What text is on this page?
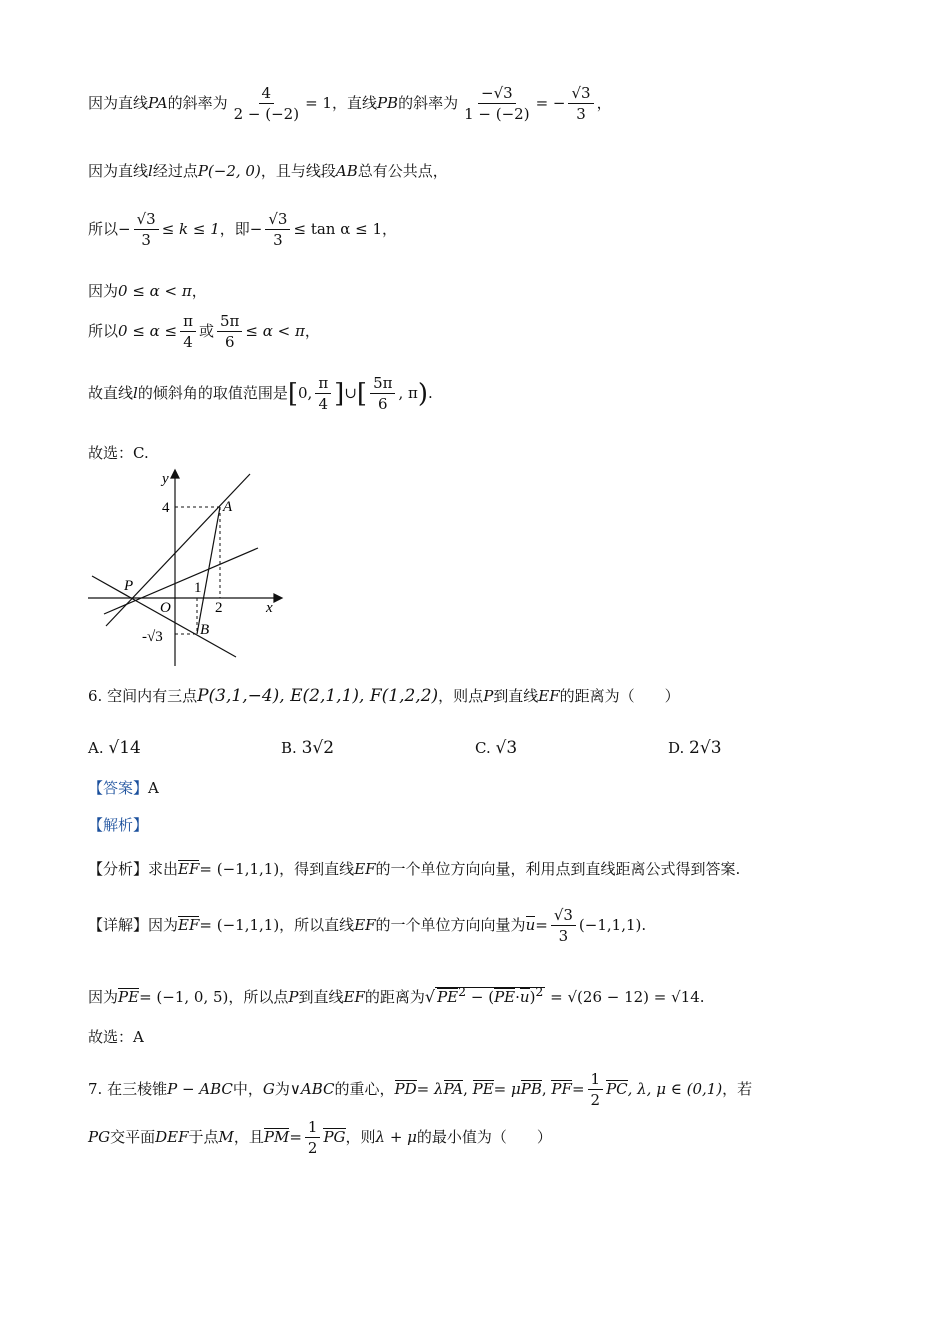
因为直线PA的斜率为 $\frac{4}{2 - (-2)} = 1$，直线PB的斜率为 $\frac{-√3}{1 - (-2)}$ = − $\frac{√3}{3}$ ，
因为直线l经过点P(−2, 0)，且与线段AB总有公共点，
所以− $\frac{√3}{3} \le k \le 1$，即− $\frac{√3}{3} \le \tan \alpha \le 1$，
因为0 ≤ α < π，
所以$0 \le \alpha \le \frac{\pi}{4}$ 或 $\frac{5\pi}{6} \le \alpha < \pi$，
故直线l的倾斜角的取值范围是[0, $\frac{\pi}{4}$ ]∪[ $\frac{5\pi}{6}$ , π).
故选：C.
y
x
4	A
P
O
1
2
-√3 B
6. 空间内有三点P(3,1,−4), E(2,1,1), F(1,2,2)，则点P到直线EF的距离为（　　）
A. √14	B. 3√2	C. √3	D. 2√3
【答案】A
【解析】
【分析】求出EF= (−1,1,1)，得到直线EF的一个单位方向向量，利用点到直线距离公式得到答案.
【详解】因为EF= (−1,1,1)，所以直线EF的一个单位方向向量为$u= \frac{√3}{3} (-1,1,1)$.
因为PE= (−1, 0, 5)，所以点P到直线EF的距离为√ $PE^2 - (PE\cdot u)^2 = √(26 - 12) = √14$.
故选：A
7. 在三棱锥P − ABC中，G为∨ABC的重心，PD= λPA, PE= μPB, $PF= \frac{1}{2}$ PC, λ, μ ∈ (0,1)，若
PG交平面DEF于点M，且$PM= \frac{1}{2}$ PG，则λ + μ的最小值为（　　）
